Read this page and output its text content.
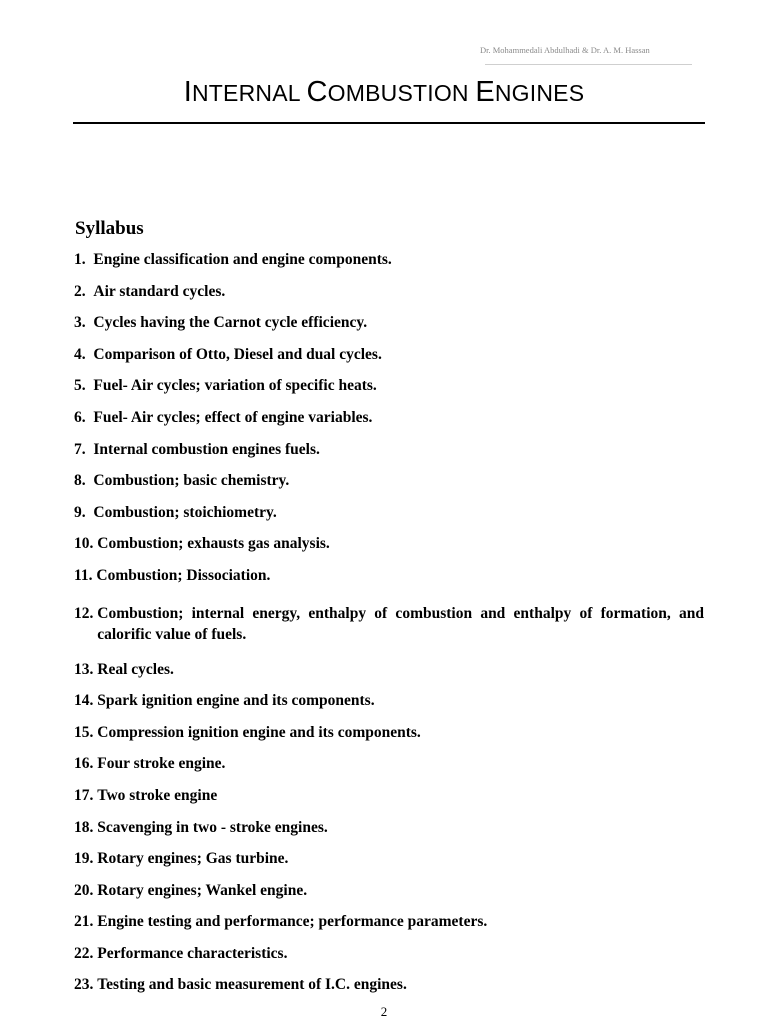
Dr. Mohammedali Abdulhadi & Dr. A. M. Hassan
INTERNAL COMBUSTION ENGINES
Syllabus
1. Engine classification and engine components.
2. Air standard cycles.
3. Cycles having the Carnot cycle efficiency.
4. Comparison of Otto, Diesel and dual cycles.
5. Fuel- Air cycles; variation of specific heats.
6. Fuel- Air cycles; effect of engine variables.
7. Internal combustion engines fuels.
8. Combustion; basic chemistry.
9. Combustion; stoichiometry.
10. Combustion; exhausts gas analysis.
11. Combustion; Dissociation.
12. Combustion; internal energy, enthalpy of combustion and enthalpy of formation, and calorific value of fuels.
13. Real cycles.
14. Spark ignition engine and its components.
15. Compression ignition engine and its components.
16. Four stroke engine.
17. Two stroke engine
18. Scavenging in two - stroke engines.
19. Rotary engines; Gas turbine.
20. Rotary engines; Wankel engine.
21. Engine testing and performance; performance parameters.
22. Performance characteristics.
23. Testing and basic measurement of I.C. engines.
2
